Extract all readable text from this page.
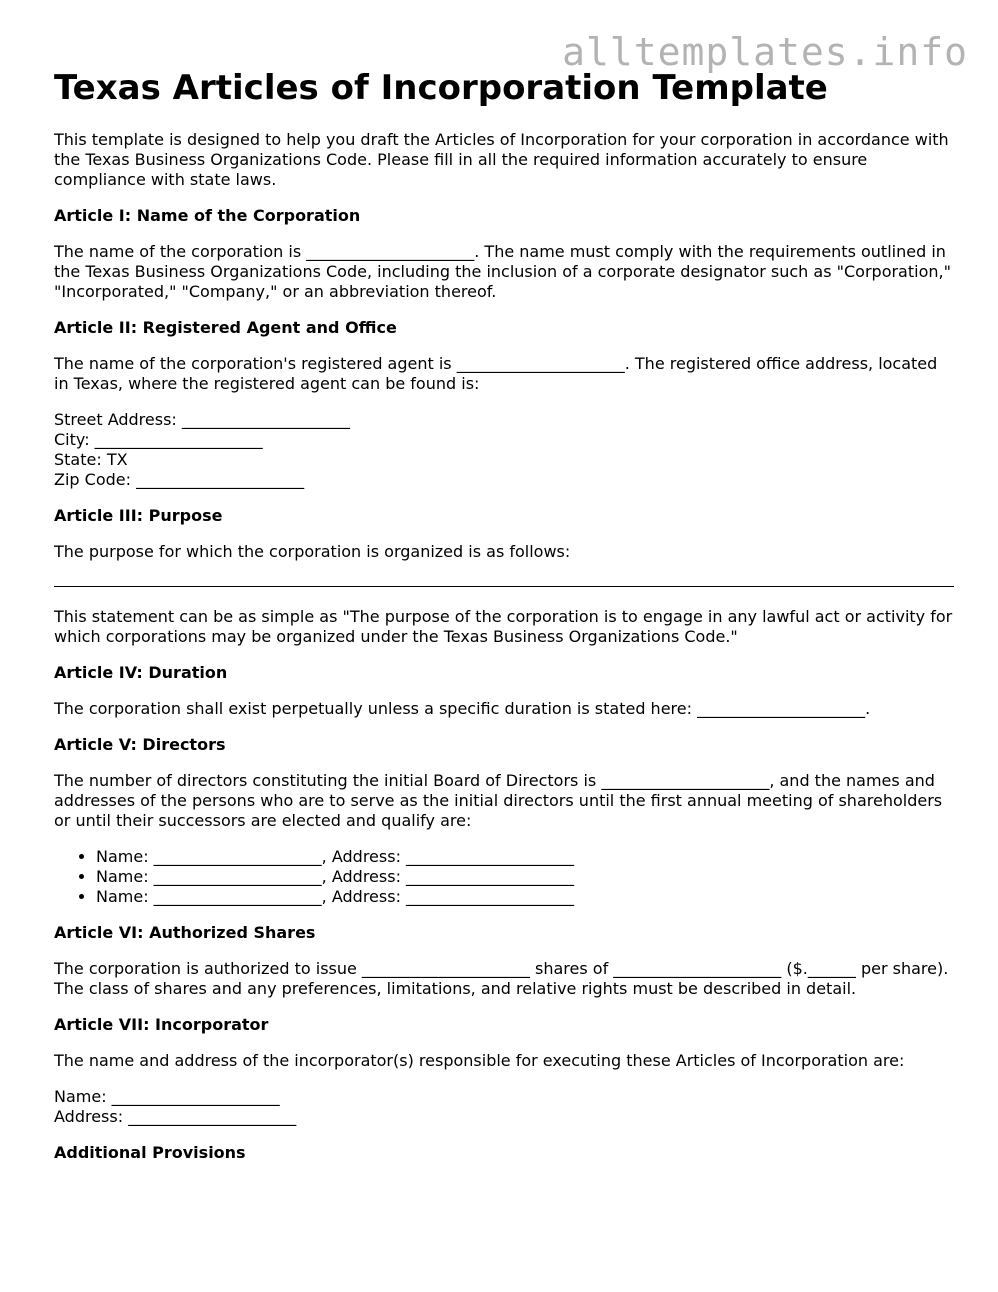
alltemplates.info
Texas Articles of Incorporation Template

This template is designed to help you draft the Articles of Incorporation for your corporation in accordance with the Texas Business Organizations Code. Please fill in all the required information accurately to ensure compliance with state laws.

Article I: Name of the Corporation

The name of the corporation is _____________________. The name must comply with the requirements outlined in the Texas Business Organizations Code, including the inclusion of a corporate designator such as "Corporation," "Incorporated," "Company," or an abbreviation thereof.

Article II: Registered Agent and Office

The name of the corporation's registered agent is _____________________. The registered office address, located in Texas, where the registered agent can be found is:

Street Address: _____________________

City: _____________________

State: TX

Zip Code: _____________________

Article III: Purpose

The purpose for which the corporation is organized is as follows:

This statement can be as simple as "The purpose of the corporation is to engage in any lawful act or activity for which corporations may be organized under the Texas Business Organizations Code."

Article IV: Duration

The corporation shall exist perpetually unless a specific duration is stated here: _____________________.

Article V: Directors

The number of directors constituting the initial Board of Directors is _____________________, and the names and addresses of the persons who are to serve as the initial directors until the first annual meeting of shareholders or until their successors are elected and qualify are:

• Name: _____________________, Address: _____________________
• Name: _____________________, Address: _____________________
• Name: _____________________, Address: _____________________
Article VI: Authorized Shares

The corporation is authorized to issue _____________________ shares of _____________________ ($.______ per share). The class of shares and any preferences, limitations, and relative rights must be described in detail.

Article VII: Incorporator

The name and address of the incorporator(s) responsible for executing these Articles of Incorporation are:

Name: _____________________

Address: _____________________

Additional Provisions
